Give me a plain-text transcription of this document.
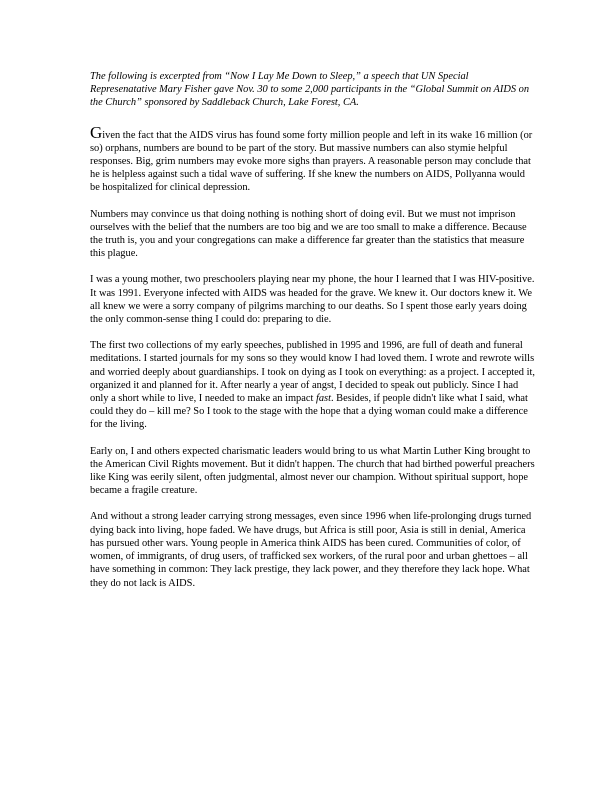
The following is excerpted from “Now I Lay Me Down to Sleep,” a speech that UN Special Represenatative Mary Fisher gave Nov. 30 to some 2,000 participants in the “Global Summit on AIDS on the Church” sponsored by Saddleback Church, Lake Forest, CA.

Given the fact that the AIDS virus has found some forty million people and left in its wake 16 million (or so) orphans, numbers are bound to be part of the story. But massive numbers can also stymie helpful responses. Big, grim numbers may evoke more sighs than prayers. A reasonable person may conclude that he is helpless against such a tidal wave of suffering. If she knew the numbers on AIDS, Pollyanna would be hospitalized for clinical depression.

Numbers may convince us that doing nothing is nothing short of doing evil. But we must not imprison ourselves with the belief that the numbers are too big and we are too small to make a difference. Because the truth is, you and your congregations can make a difference far greater than the statistics that measure this plague.

I was a young mother, two preschoolers playing near my phone, the hour I learned that I was HIV-positive. It was 1991. Everyone infected with AIDS was headed for the grave. We knew it. Our doctors knew it. We all knew we were a sorry company of pilgrims marching to our deaths. So I spent those early years doing the only common-sense thing I could do: preparing to die.

The first two collections of my early speeches, published in 1995 and 1996, are full of death and funeral meditations. I started journals for my sons so they would know I had loved them. I wrote and rewrote wills and worried deeply about guardianships. I took on dying as I took on everything: as a project. I accepted it, organized it and planned for it. After nearly a year of angst, I decided to speak out publicly. Since I had only a short while to live, I needed to make an impact fast. Besides, if people didn't like what I said, what could they do – kill me? So I took to the stage with the hope that a dying woman could make a difference for the living.

Early on, I and others expected charismatic leaders would bring to us what Martin Luther King brought to the American Civil Rights movement. But it didn't happen. The church that had birthed powerful preachers like King was eerily silent, often judgmental, almost never our champion. Without spiritual support, hope became a fragile creature.

And without a strong leader carrying strong messages, even since 1996 when life-prolonging drugs turned dying back into living, hope faded. We have drugs, but Africa is still poor, Asia is still in denial, America has pursued other wars. Young people in America think AIDS has been cured. Communities of color, of women, of immigrants, of drug users, of trafficked sex workers, of the rural poor and urban ghettoes – all have something in common: They lack prestige, they lack power, and they therefore they lack hope. What they do not lack is AIDS.
